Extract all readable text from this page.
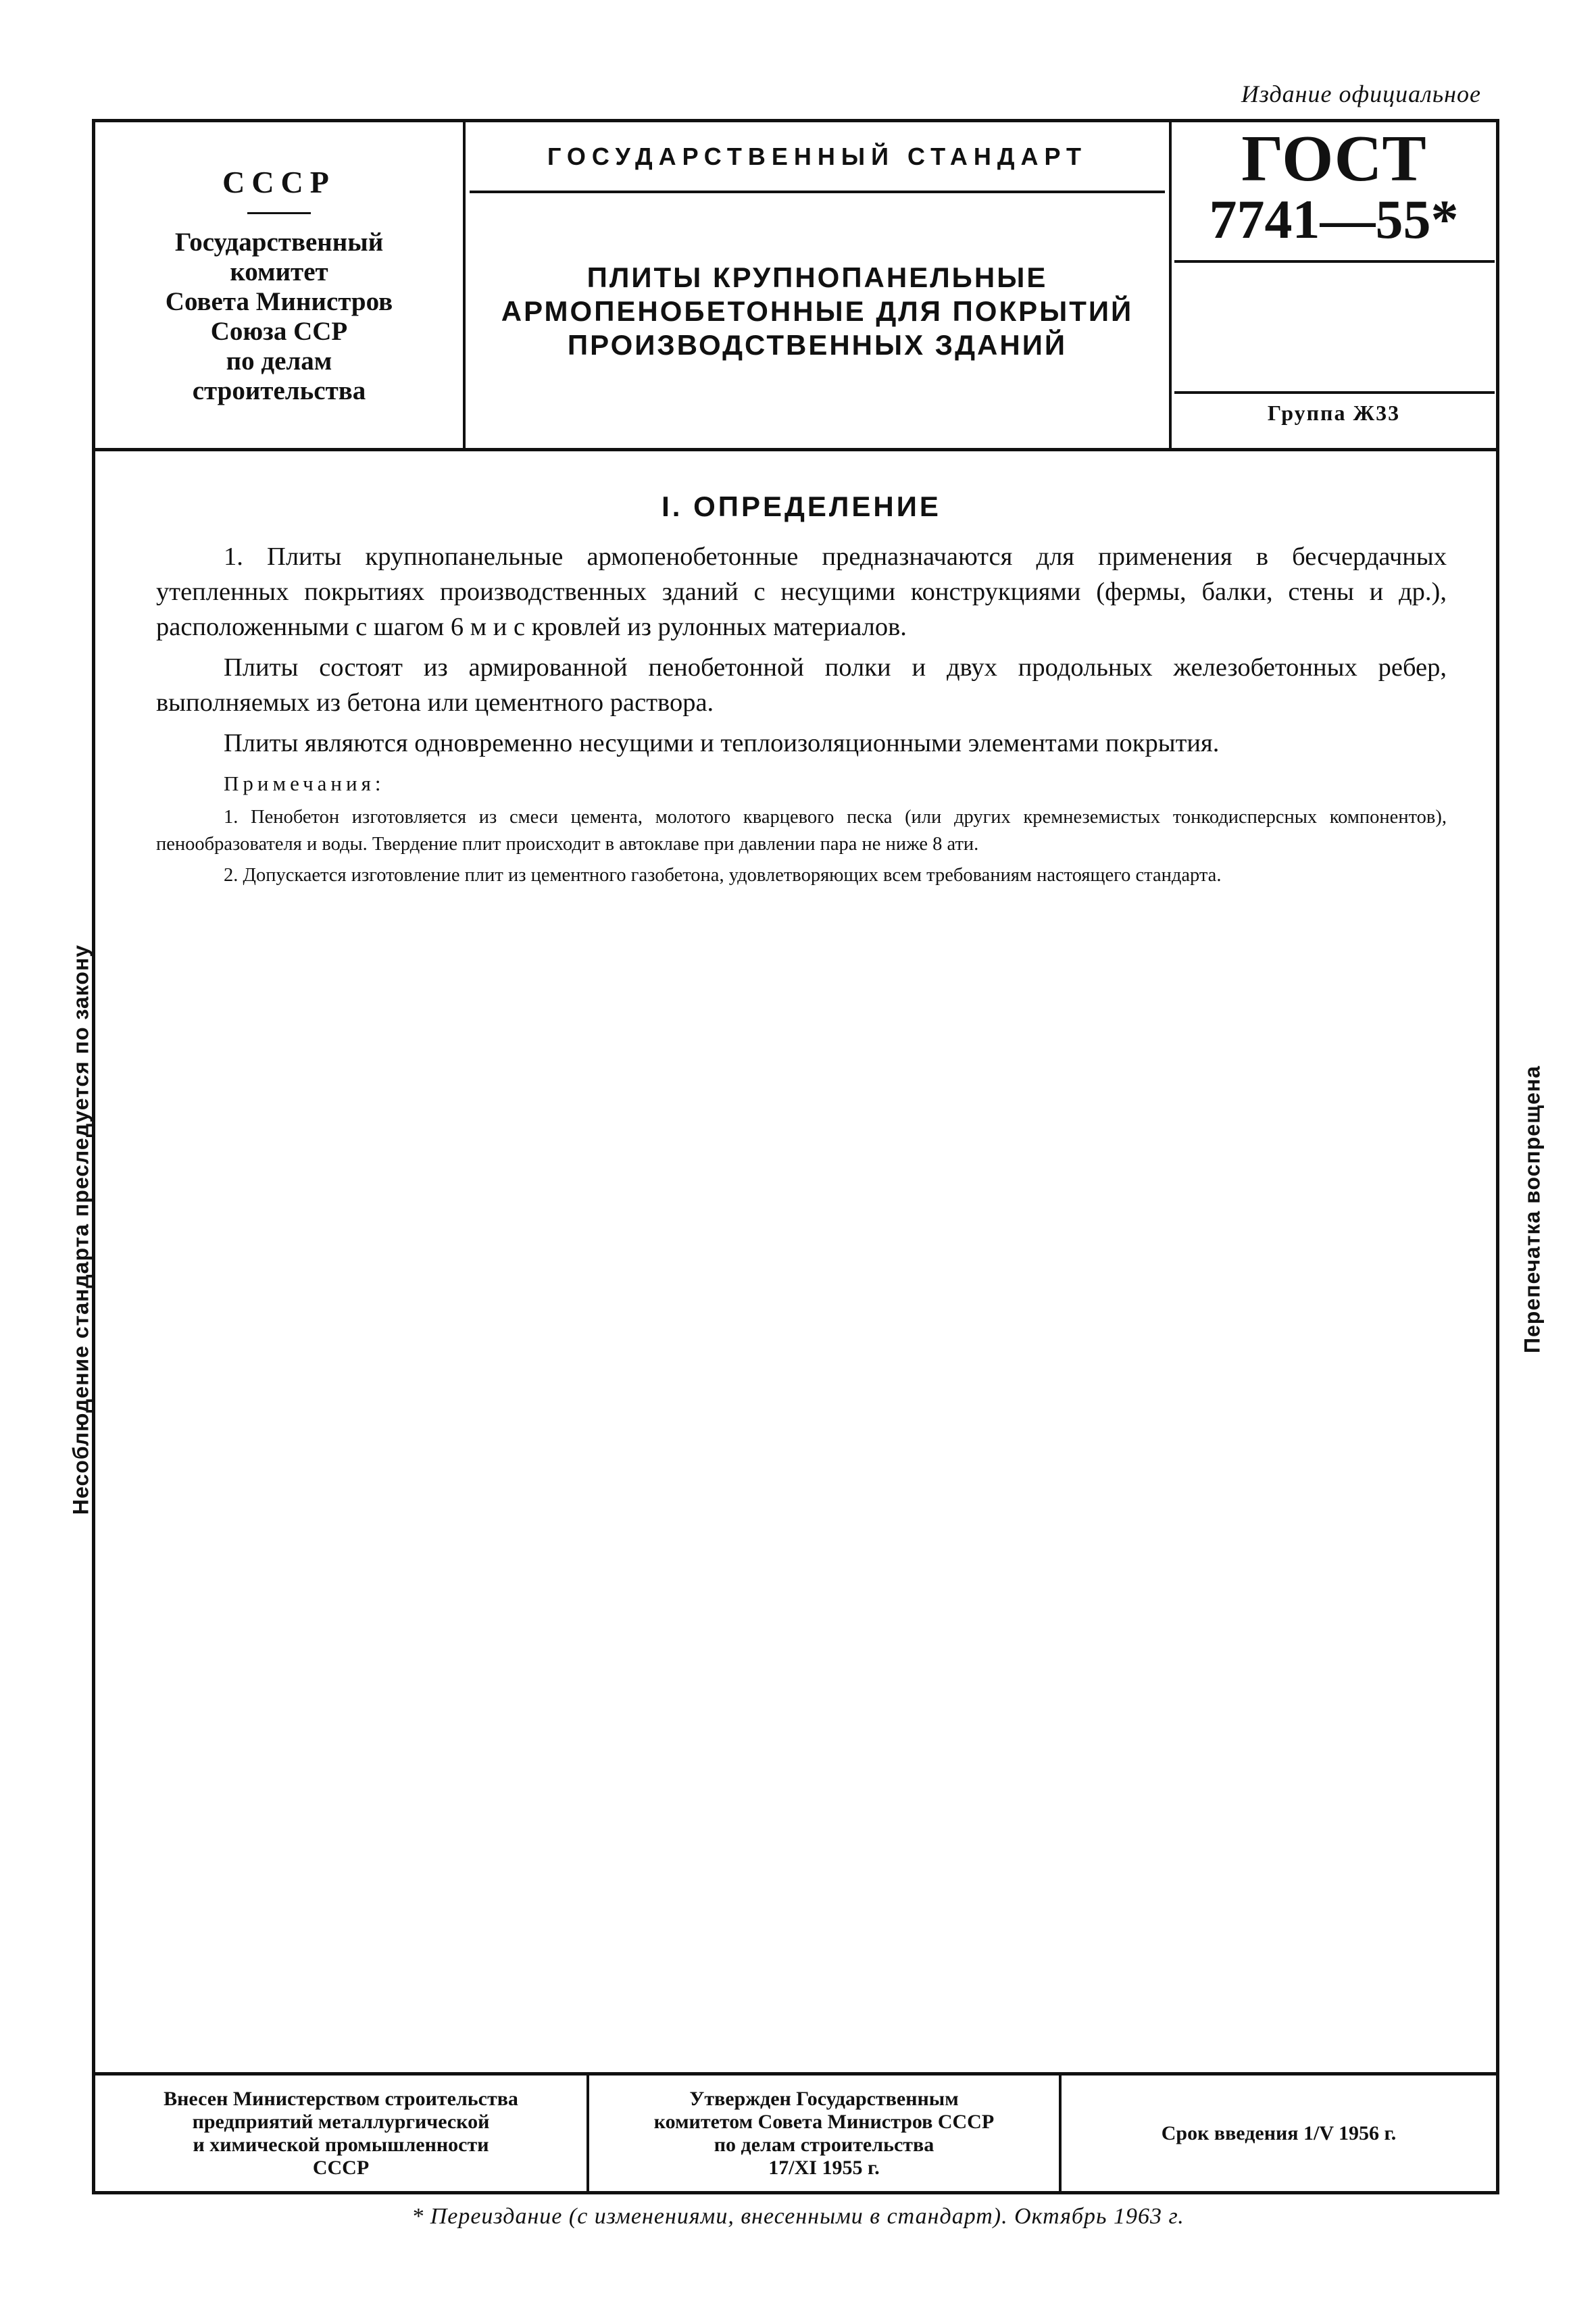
Издание официальное
Несоблюдение стандарта преследуется по закону	Перепечатка воспрещена
СССР
Государственный
комитет
Совета Министров
Союза ССР
по делам
строительства
ГОСУДАРСТВЕННЫЙ СТАНДАРТ
ПЛИТЫ КРУПНОПАНЕЛЬНЫЕ
АРМОПЕНОБЕТОННЫЕ ДЛЯ ПОКРЫТИЙ
ПРОИЗВОДСТВЕННЫХ ЗДАНИЙ
ГОСТ
7741—55*
Группа Ж33
I. ОПРЕДЕЛЕНИЕ

1. Плиты крупнопанельные армопенобетонные предназначаются для применения в бесчердачных утепленных покрытиях производственных зданий с несущими конструкциями (фермы, балки, стены и др.), расположенными с шагом 6 м и с кровлей из рулонных материалов.

Плиты состоят из армированной пенобетонной полки и двух продольных железобетонных ребер, выполняемых из бетона или цементного раствора.

Плиты являются одновременно несущими и теплоизоляционными элементами покрытия.

Примечания:

1. Пенобетон изготовляется из смеси цемента, молотого кварцевого песка (или других кремнеземистых тонкодисперсных компонентов), пенообразователя и воды. Твердение плит происходит в автоклаве при давлении пара не ниже 8 ати.

2. Допускается изготовление плит из цементного газобетона, удовлетворяющих всем требованиям настоящего стандарта.

Внесен Министерством строительства
предприятий металлургической
и химической промышленности
СССР
Утвержден Государственным
комитетом Совета Министров СССР
по делам строительства
17/XI 1955 г.
Срок введения 1/V 1956 г.
* Переиздание (с изменениями, внесенными в стандарт). Октябрь 1963 г.
